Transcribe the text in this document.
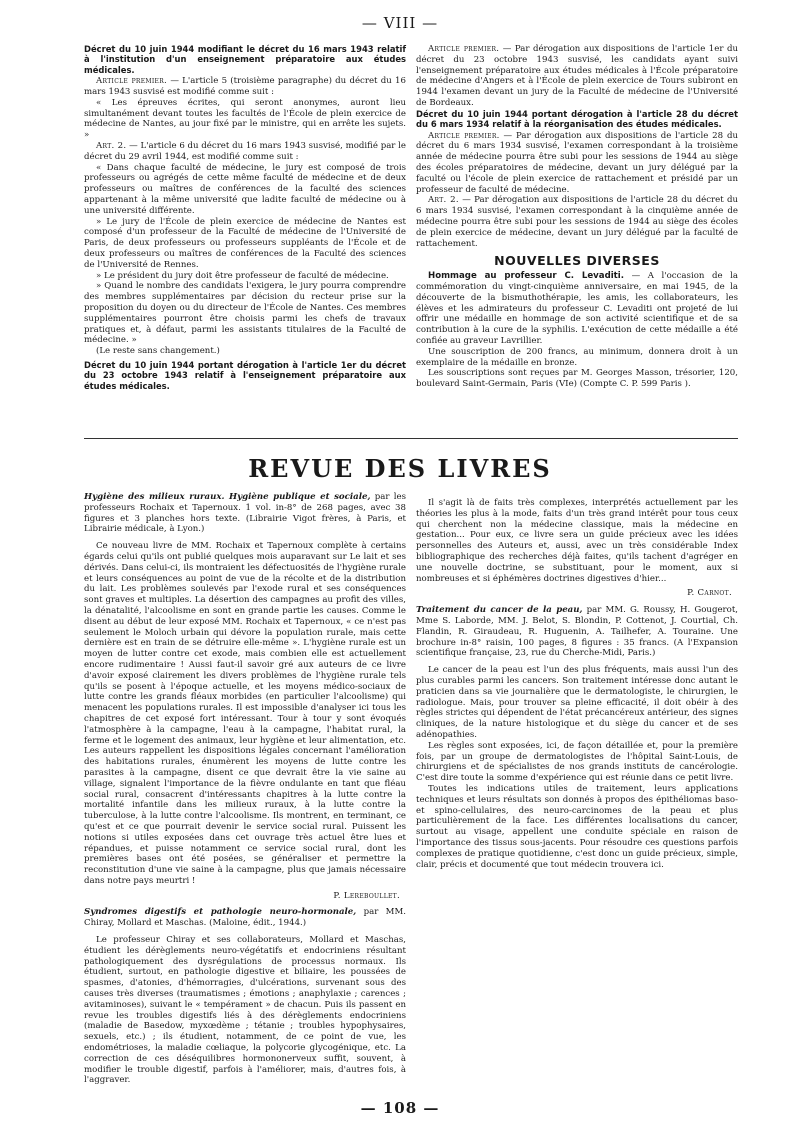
— VIII —

Décret du 10 juin 1944 modifiant le décret du 16 mars 1943 relatif à l'institution d'un enseignement préparatoire aux études médicales.

Article premier. — L'article 5 (troisième paragraphe) du décret du 16 mars 1943 susvisé est modifié comme suit :

« Les épreuves écrites, qui seront anonymes, auront lieu simultanément devant toutes les facultés de l'École de plein exercice de médecine de Nantes, au jour fixé par le ministre, qui en arrête les sujets. »

Art. 2. — L'article 6 du décret du 16 mars 1943 susvisé, modifié par le décret du 29 avril 1944, est modifié comme suit :

« Dans chaque faculté de médecine, le jury est composé de trois professeurs ou agrégés de cette même faculté de médecine et de deux professeurs ou maîtres de conférences de la faculté des sciences appartenant à la même université que ladite faculté de médecine ou à une université différente.

» Le jury de l'École de plein exercice de médecine de Nantes est composé d'un professeur de la Faculté de médecine de l'Université de Paris, de deux professeurs ou professeurs suppléants de l'École et de deux professeurs ou maîtres de conférences de la Faculté des sciences de l'Université de Rennes.

» Le président du jury doit être professeur de faculté de médecine.

» Quand le nombre des candidats l'exigera, le jury pourra comprendre des membres supplémentaires par décision du recteur prise sur la proposition du doyen ou du directeur de l'École de Nantes. Ces membres supplémentaires pourront être choisis parmi les chefs de travaux pratiques et, à défaut, parmi les assistants titulaires de la Faculté de médecine. »

(Le reste sans changement.)

Décret du 10 juin 1944 portant dérogation à l'article 1er du décret du 23 octobre 1943 relatif à l'enseignement préparatoire aux études médicales.

Article premier. — Par dérogation aux dispositions de l'article 1er du décret du 23 octobre 1943 susvisé, les candidats ayant suivi l'enseignement préparatoire aux études médicales à l'École préparatoire de médecine d'Angers et à l'École de plein exercice de Tours subiront en 1944 l'examen devant un jury de la Faculté de médecine de l'Université de Bordeaux.

Décret du 10 juin 1944 portant dérogation à l'article 28 du décret du 6 mars 1934 relatif à la réorganisation des études médicales.

Article premier. — Par dérogation aux dispositions de l'article 28 du décret du 6 mars 1934 susvisé, l'examen correspondant à la troisième année de médecine pourra être subi pour les sessions de 1944 au siège des écoles préparatoires de médecine, devant un jury délégué par la faculté ou l'école de plein exercice de rattachement et présidé par un professeur de faculté de médecine.

Art. 2. — Par dérogation aux dispositions de l'article 28 du décret du 6 mars 1934 susvisé, l'examen correspondant à la cinquième année de médecine pourra être subi pour les sessions de 1944 au siège des écoles de plein exercice de médecine, devant un jury délégué par la faculté de rattachement.

NOUVELLES DIVERSES

Hommage au professeur C. Levaditi. — A l'occasion de la commémoration du vingt-cinquième anniversaire, en mai 1945, de la découverte de la bismuthothérapie, les amis, les collaborateurs, les élèves et les admirateurs du professeur C. Levaditi ont projeté de lui offrir une médaille en hommage de son activité scientifique et de sa contribution à la cure de la syphilis. L'exécution de cette médaille a été confiée au graveur Lavrillier.

Une souscription de 200 francs, au minimum, donnera droit à un exemplaire de la médaille en bronze.

Les souscriptions sont reçues par M. Georges Masson, trésorier, 120, boulevard Saint-Germain, Paris (VIe) (Compte C. P. 599 Paris ).

REVUE DES LIVRES

Hygiène des milieux ruraux. Hygiène publique et sociale, par les professeurs Rochaix et Tapernoux. 1 vol. in-8° de 268 pages, avec 38 figures et 3 planches hors texte. (Librairie Vigot frères, à Paris, et Librairie médicale, à Lyon.)

Ce nouveau livre de MM. Rochaix et Tapernoux complète à certains égards celui qu'ils ont publié quelques mois auparavant sur Le lait et ses dérivés. Dans celui-ci, ils montraient les défectuosités de l'hygiène rurale et leurs conséquences au point de vue de la récolte et de la distribution du lait. Les problèmes soulevés par l'exode rural et ses conséquences sont graves et multiples. La désertion des campagnes au profit des villes, la dénatalité, l'alcoolisme en sont en grande partie les causes. Comme le disent au début de leur exposé MM. Rochaix et Tapernoux, « ce n'est pas seulement le Moloch urbain qui dévore la population rurale, mais cette dernière est en train de se détruire elle-même ». L'hygiène rurale est un moyen de lutter contre cet exode, mais combien elle est actuellement encore rudimentaire ! Aussi faut-il savoir gré aux auteurs de ce livre d'avoir exposé clairement les divers problèmes de l'hygiène rurale tels qu'ils se posent à l'époque actuelle, et les moyens médico-sociaux de lutte contre les grands fléaux morbides (en particulier l'alcoolisme) qui menacent les populations rurales. Il est impossible d'analyser ici tous les chapitres de cet exposé fort intéressant. Tour à tour y sont évoqués l'atmosphère à la campagne, l'eau à la campagne, l'habitat rural, la ferme et le logement des animaux, leur hygiène et leur alimentation, etc. Les auteurs rappellent les dispositions légales concernant l'amélioration des habitations rurales, énumèrent les moyens de lutte contre les parasites à la campagne, disent ce que devrait être la vie saine au village, signalent l'importance de la fièvre ondulante en tant que fléau social rural, consacrent d'intéressants chapitres à la lutte contre la mortalité infantile dans les milieux ruraux, à la lutte contre la tuberculose, à la lutte contre l'alcoolisme. Ils montrent, en terminant, ce qu'est et ce que pourrait devenir le service social rural. Puissent les notions si utiles exposées dans cet ouvrage très actuel être lues et répandues, et puisse notamment ce service social rural, dont les premières bases ont été posées, se généraliser et permettre la reconstitution d'une vie saine à la campagne, plus que jamais nécessaire dans notre pays meurtri !

P. Lereboullet.

Syndromes digestifs et pathologie neuro-hormonale, par MM. Chiray, Mollard et Maschas. (Maloine, édit., 1944.)

Le professeur Chiray et ses collaborateurs, Mollard et Maschas, étudient les dérèglements neuro-végétatifs et endocriniens résultant pathologiquement des dysrégulations de processus normaux. Ils étudient, surtout, en pathologie digestive et biliaire, les poussées de spasmes, d'atonies, d'hémorragies, d'ulcérations, survenant sous des causes très diverses (traumatismes ; émotions ; anaphylaxie ; carences ; avitaminoses), suivant le « tempérament » de chacun. Puis ils passent en revue les troubles digestifs liés à des dérèglements endocriniens (maladie de Basedow, myxœdème ; tétanie ; troubles hypophysaires, sexuels, etc.) ; ils étudient, notamment, de ce point de vue, les endométrioses, la maladie cœliaque, la polycorie glycogénique, etc. La correction de ces déséquilibres hormononerveux suffit, souvent, à modifier le trouble digestif, parfois à l'améliorer, mais, d'autres fois, à l'aggraver.

Il s'agit là de faits très complexes, interprétés actuellement par les théories les plus à la mode, faits d'un très grand intérêt pour tous ceux qui cherchent non la médecine classique, mais la médecine en gestation... Pour eux, ce livre sera un guide précieux avec les idées personnelles des Auteurs et, aussi, avec un très considérable Index bibliographique des recherches déjà faites, qu'ils tachent d'agréger en une nouvelle doctrine, se substituant, pour le moment, aux si nombreuses et si éphémères doctrines digestives d'hier...

P. Carnot.

Traitement du cancer de la peau, par MM. G. Roussy, H. Gougerot, Mme S. Laborde, MM. J. Belot, S. Blondin, P. Cottenot, J. Courtial, Ch. Flandin, R. Giraudeau, R. Huguenin, A. Tailhefer, A. Touraine. Une brochure in-8° raisin, 100 pages, 8 figures : 35 francs. (A l'Expansion scientifique française, 23, rue du Cherche-Midi, Paris.)

Le cancer de la peau est l'un des plus fréquents, mais aussi l'un des plus curables parmi les cancers. Son traitement intéresse donc autant le praticien dans sa vie journalière que le dermatologiste, le chirurgien, le radiologue. Mais, pour trouver sa pleine efficacité, il doit obéir à des règles strictes qui dépendent de l'état précancéreux antérieur, des signes cliniques, de la nature histologique et du siège du cancer et de ses adénopathies.

Les règles sont exposées, ici, de façon détaillée et, pour la première fois, par un groupe de dermatologistes de l'hôpital Saint-Louis, de chirurgiens et de spécialistes de nos grands instituts de cancérologie. C'est dire toute la somme d'expérience qui est réunie dans ce petit livre.

Toutes les indications utiles de traitement, leurs applications techniques et leurs résultats son donnés à propos des épithéliomas baso- et spino-cellulaires, des neuro-carcinomes de la peau et plus particulièrement de la face. Les différentes localisations du cancer, surtout au visage, appellent une conduite spéciale en raison de l'importance des tissus sous-jacents. Pour résoudre ces questions parfois complexes de pratique quotidienne, c'est donc un guide précieux, simple, clair, précis et documenté que tout médecin trouvera ici.

— 108 —
